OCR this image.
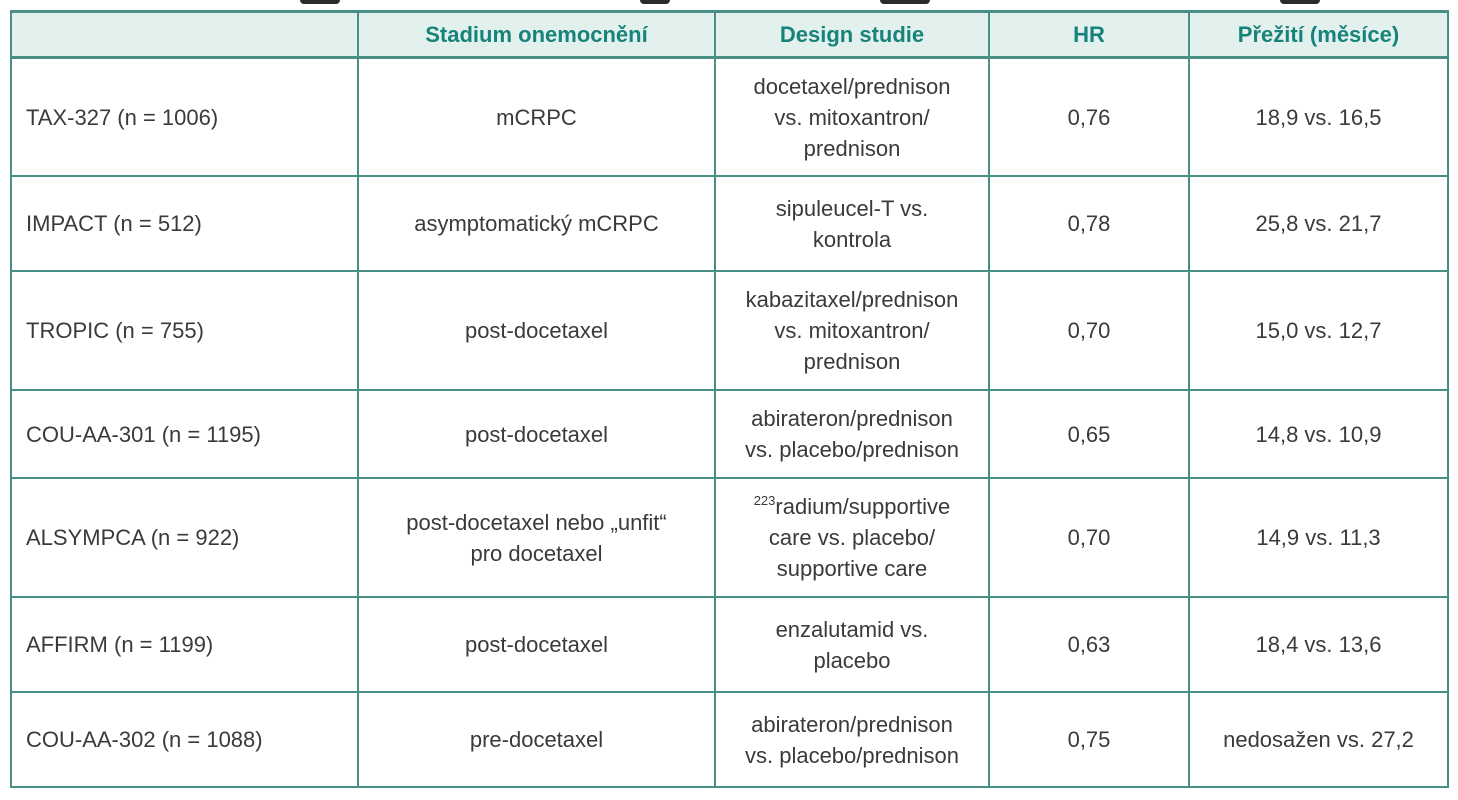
	Stadium onemocnění	Design studie	HR	Přežití (měsíce)
TAX-327 (n = 1006)	mCRPC	docetaxel/prednison
vs. mitoxantron/
prednison	0,76	18,9 vs. 16,5
IMPACT (n = 512)	asymptomatický mCRPC	sipuleucel-T vs.
kontrola	0,78	25,8 vs. 21,7
TROPIC (n = 755)	post-docetaxel	kabazitaxel/prednison
vs. mitoxantron/
prednison	0,70	15,0 vs. 12,7
COU-AA-301 (n = 1195)	post-docetaxel	abirateron/prednison
vs. placebo/prednison	0,65	14,8 vs. 10,9
ALSYMPCA (n = 922)	post-docetaxel nebo „unfit“
pro docetaxel	$^{223}$radium/supportive
care vs. placebo/
supportive care	0,70	14,9 vs. 11,3
AFFIRM (n = 1199)	post-docetaxel	enzalutamid vs.
placebo	0,63	18,4 vs. 13,6
COU-AA-302 (n = 1088)	pre-docetaxel	abirateron/prednison
vs. placebo/prednison	0,75	nedosažen vs. 27,2
